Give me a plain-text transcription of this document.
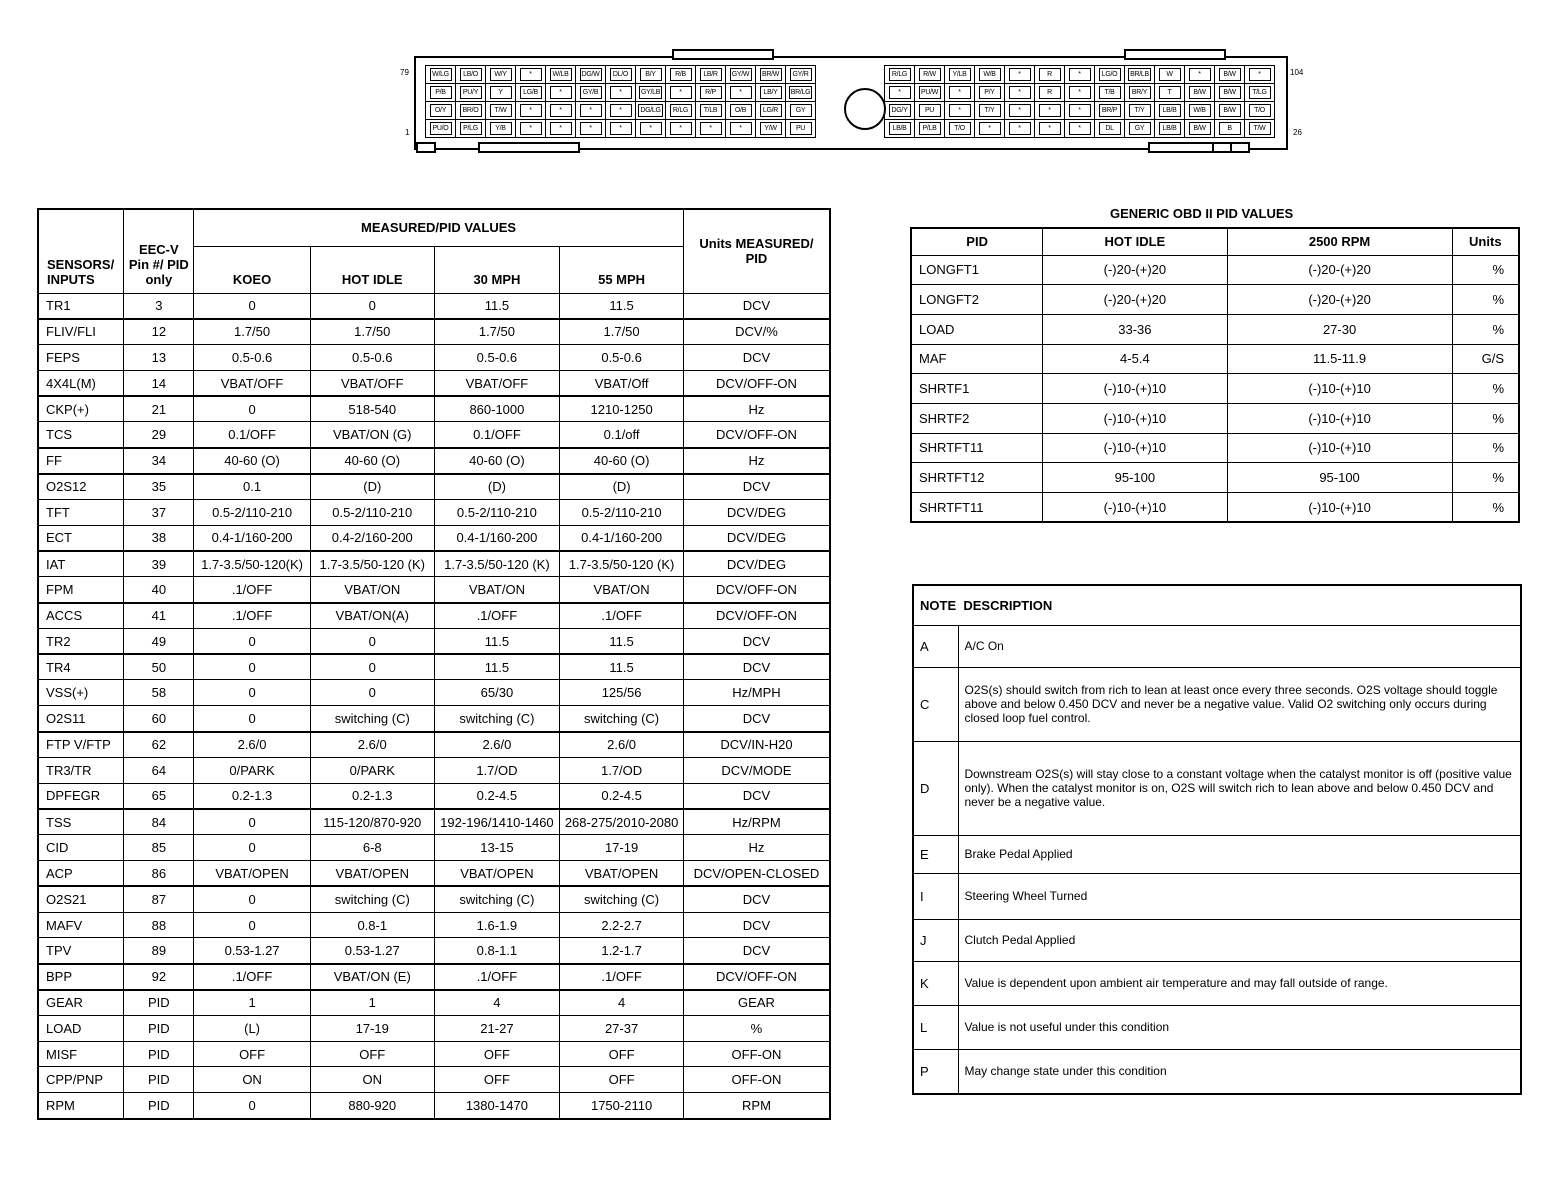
79
1
104
26
W/LG	LB/O	W/Y	*	W/LB	DG/W	DL/O	B/Y	R/B	LB/R	GY/W	BR/W	GY/R
P/B	PU/Y	Y	LG/B	*	GY/B	*	GY/LB	*	R/P	*	LB/Y	BR/LG
O/Y	BR/O	T/W	*	*	*	*	DG/LG	R/LG	T/LB	O/B	LG/R	GY
PU/O	P/LG	Y/B	*	*	*	*	*	*	*	*	Y/W	PU
R/LG	R/W	Y/LB	W/B	*	R	*	LG/O	BR/LB	W	*	B/W	*
*	PU/W	*	P/Y	*	R	*	T/B	BR/Y	T	B/W	B/W	T/LG
DG/Y	PU	*	T/Y	*	*	*	BR/P	T/Y	LB/B	W/B	B/W	T/O
LB/B	P/LB	T/O	*	*	*	*	DL	GY	LB/B	B/W	B	T/W
SENSORS/ INPUTS	EEC-V Pin #/ PID only	MEASURED/PID VALUES				Units MEASURED/ PID
		KOEO	HOT IDLE	30 MPH	55 MPH	
TR1	3	0	0	11.5	11.5	DCV
FLIV/FLI	12	1.7/50	1.7/50	1.7/50	1.7/50	DCV/%
FEPS	13	0.5-0.6	0.5-0.6	0.5-0.6	0.5-0.6	DCV
4X4L(M)	14	VBAT/OFF	VBAT/OFF	VBAT/OFF	VBAT/Off	DCV/OFF-ON
CKP(+)	21	0	518-540	860-1000	1210-1250	Hz
TCS	29	0.1/OFF	VBAT/ON (G)	0.1/OFF	0.1/off	DCV/OFF-ON
FF	34	40-60 (O)	40-60 (O)	40-60 (O)	40-60 (O)	Hz
O2S12	35	0.1	(D)	(D)	(D)	DCV
TFT	37	0.5-2/110-210	0.5-2/110-210	0.5-2/110-210	0.5-2/110-210	DCV/DEG
ECT	38	0.4-1/160-200	0.4-2/160-200	0.4-1/160-200	0.4-1/160-200	DCV/DEG
IAT	39	1.7-3.5/50-120(K)	1.7-3.5/50-120 (K)	1.7-3.5/50-120 (K)	1.7-3.5/50-120 (K)	DCV/DEG
FPM	40	.1/OFF	VBAT/ON	VBAT/ON	VBAT/ON	DCV/OFF-ON
ACCS	41	.1/OFF	VBAT/ON(A)	.1/OFF	.1/OFF	DCV/OFF-ON
TR2	49	0	0	11.5	11.5	DCV
TR4	50	0	0	11.5	11.5	DCV
VSS(+)	58	0	0	65/30	125/56	Hz/MPH
O2S11	60	0	switching (C)	switching (C)	switching (C)	DCV
FTP V/FTP	62	2.6/0	2.6/0	2.6/0	2.6/0	DCV/IN-H20
TR3/TR	64	0/PARK	0/PARK	1.7/OD	1.7/OD	DCV/MODE
DPFEGR	65	0.2-1.3	0.2-1.3	0.2-4.5	0.2-4.5	DCV
TSS	84	0	115-120/870-920	192-196/1410-1460	268-275/2010-2080	Hz/RPM
CID	85	0	6-8	13-15	17-19	Hz
ACP	86	VBAT/OPEN	VBAT/OPEN	VBAT/OPEN	VBAT/OPEN	DCV/OPEN-CLOSED
O2S21	87	0	switching (C)	switching (C)	switching (C)	DCV
MAFV	88	0	0.8-1	1.6-1.9	2.2-2.7	DCV
TPV	89	0.53-1.27	0.53-1.27	0.8-1.1	1.2-1.7	DCV
BPP	92	.1/OFF	VBAT/ON (E)	.1/OFF	.1/OFF	DCV/OFF-ON
GEAR	PID	1	1	4	4	GEAR
LOAD	PID	(L)	17-19	21-27	27-37	%
MISF	PID	OFF	OFF	OFF	OFF	OFF-ON
CPP/PNP	PID	ON	ON	OFF	OFF	OFF-ON
RPM	PID	0	880-920	1380-1470	1750-2110	RPM
GENERIC OBD II PID VALUES
PID	HOT IDLE	2500 RPM	Units
LONGFT1	(-)20-(+)20	(-)20-(+)20	%
LONGFT2	(-)20-(+)20	(-)20-(+)20	%
LOAD	33-36	27-30	%
MAF	4-5.4	11.5-11.9	G/S
SHRTF1	(-)10-(+)10	(-)10-(+)10	%
SHRTF2	(-)10-(+)10	(-)10-(+)10	%
SHRTFT11	(-)10-(+)10	(-)10-(+)10	%
SHRTFT12	95-100	95-100	%
SHRTFT11	(-)10-(+)10	(-)10-(+)10	%
NOTE DESCRIPTION	
A	A/C On
C	O2S(s) should switch from rich to lean at least once every three seconds. O2S voltage should toggle above and below 0.450 DCV and never be a negative value. Valid O2 switching only occurs during closed loop fuel control.
D	Downstream O2S(s) will stay close to a constant voltage when the catalyst monitor is off (positive value only). When the catalyst monitor is on, O2S will switch rich to lean above and below 0.450 DCV and never be a negative value.
E	Brake Pedal Applied
I	Steering Wheel Turned
J	Clutch Pedal Applied
K	Value is dependent upon ambient air temperature and may fall outside of range.
L	Value is not useful under this condition
P	May change state under this condition
